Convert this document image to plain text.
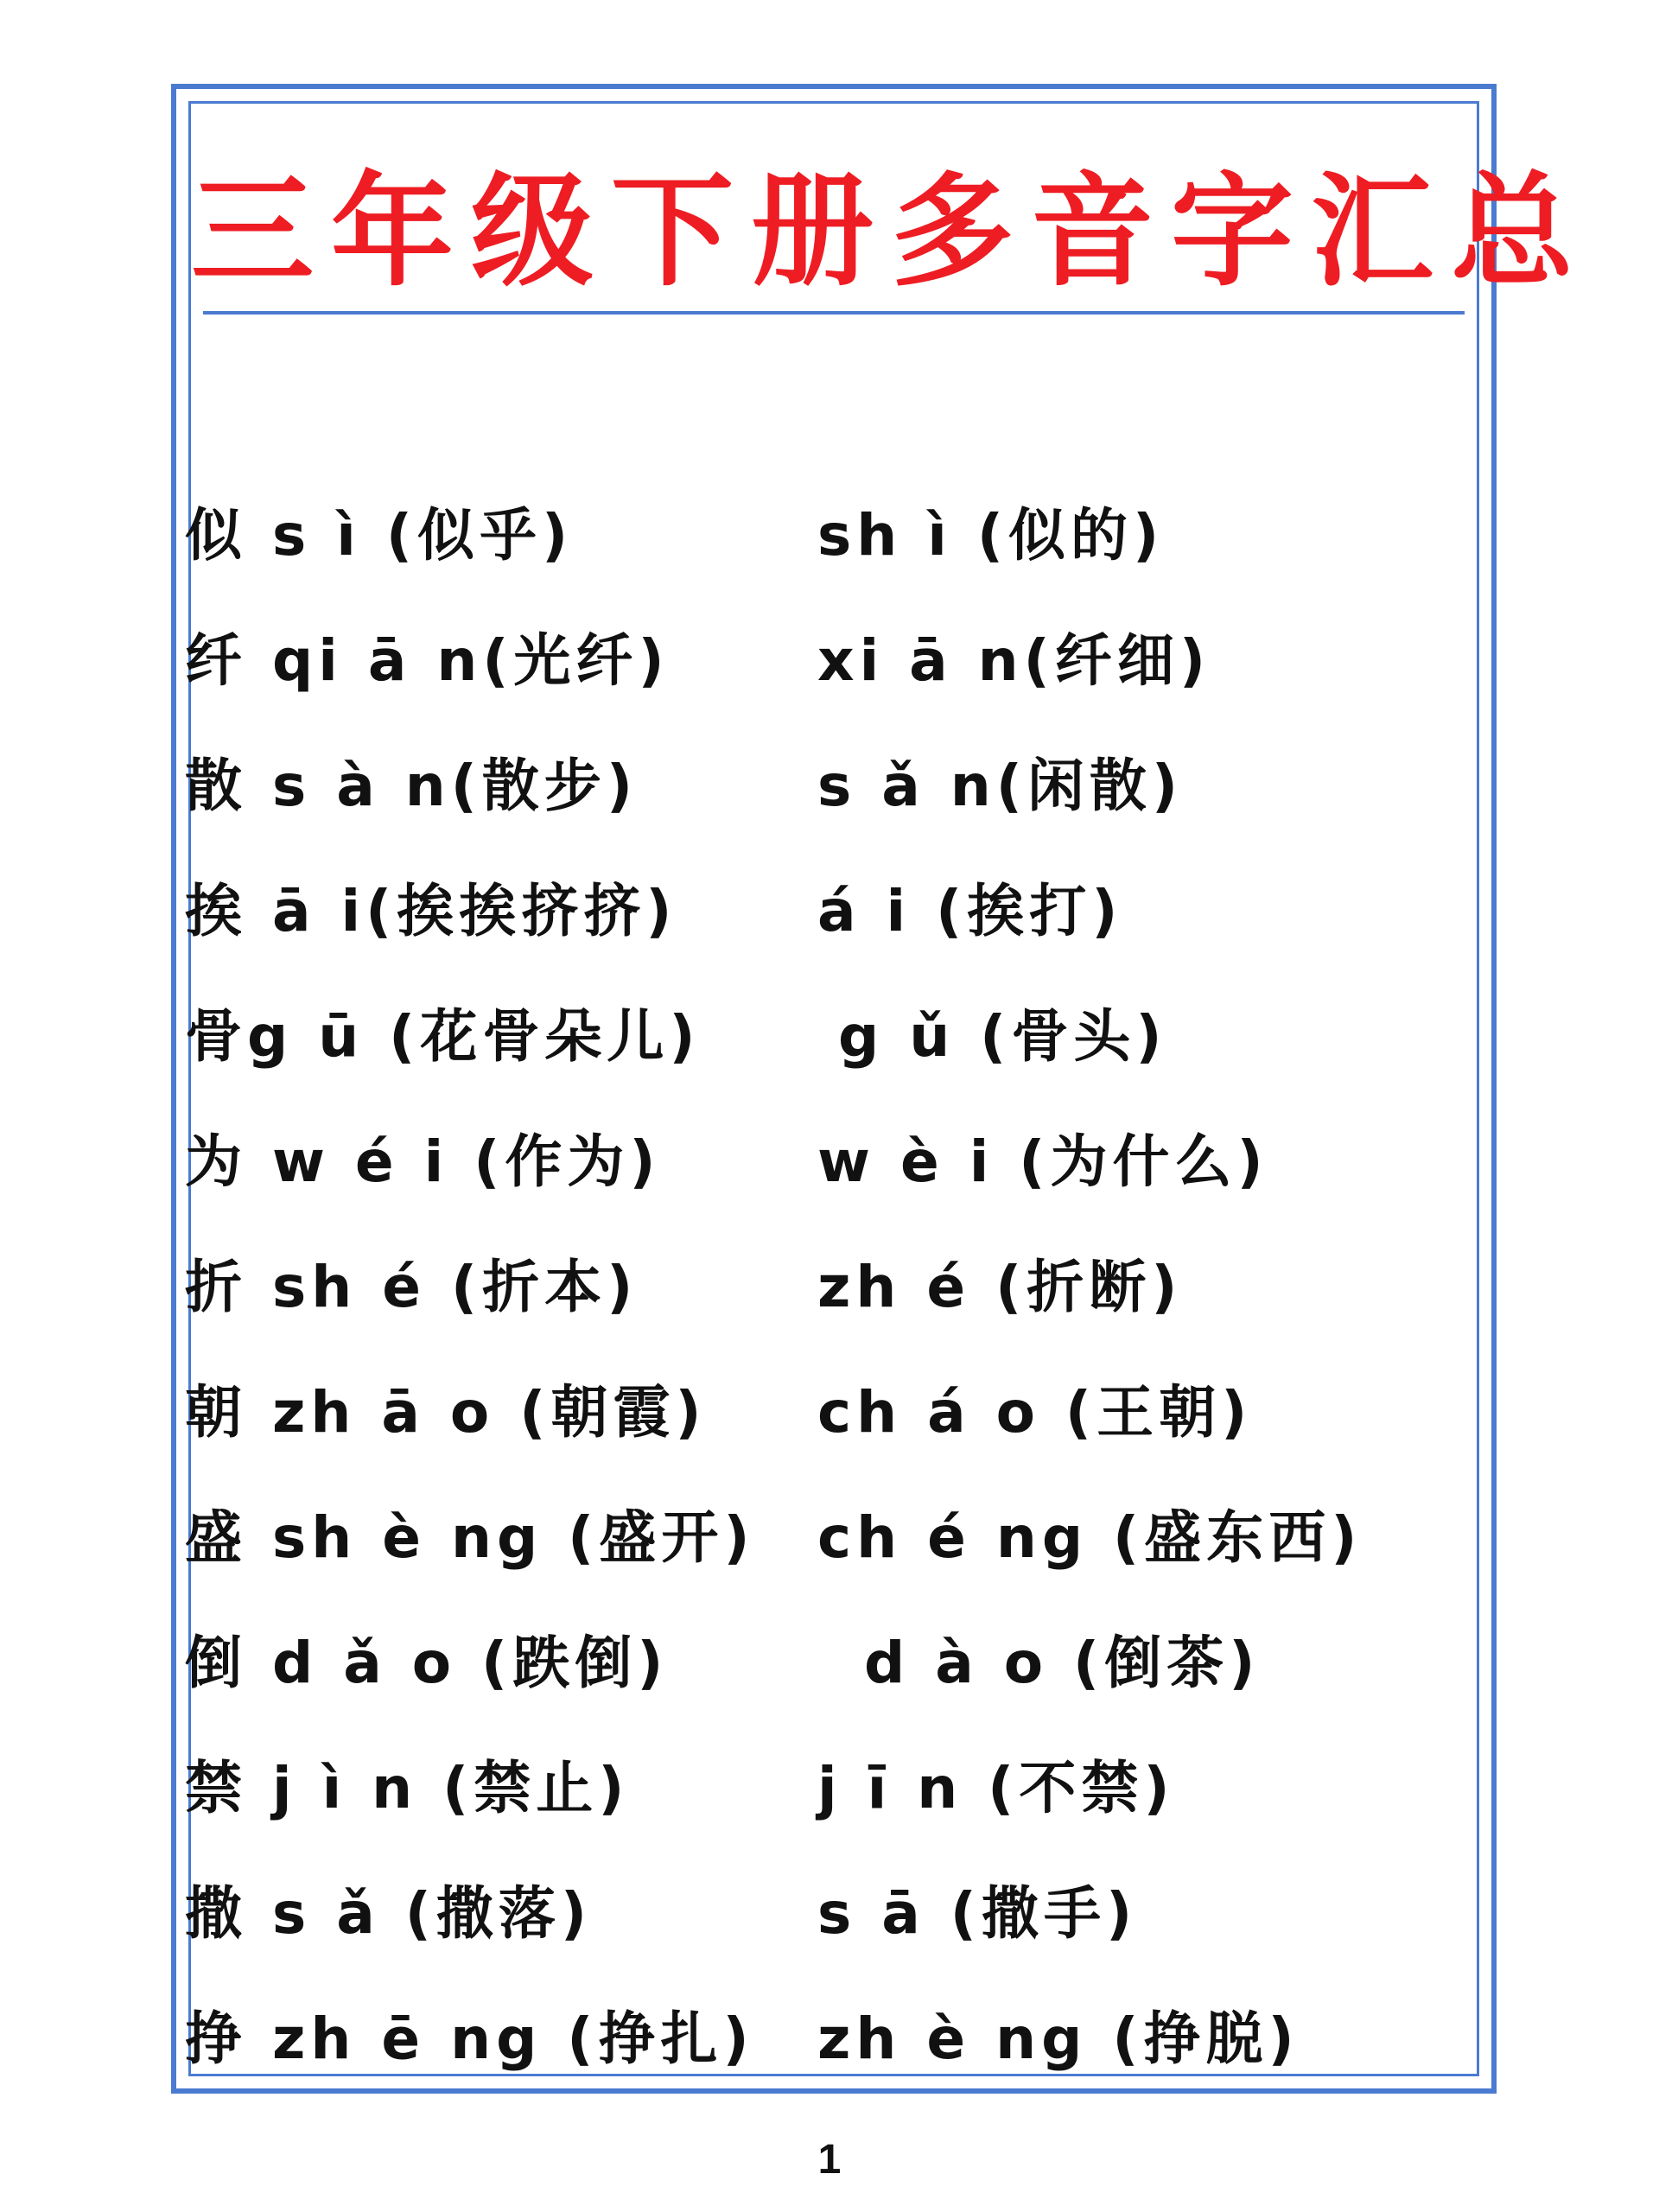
三年级下册多音字汇总
似 s ì (似乎)	sh ì (似的)
纤 qi ā n(光纤)	xi ā n(纤细)
散 s à n(散步)	s ǎ n(闲散)
挨 ā i(挨挨挤挤) á i (挨打)
骨g ū (花骨朵儿) g ǔ (骨头)
为 w é i (作为)	w è i (为什么)
折 sh é (折本)	zh é (折断)
朝 zh ā o (朝霞) ch á o (王朝)
盛 sh è ng (盛开) ch é ng (盛东西)
倒 d ǎ o (跌倒)	d à o (倒茶)
禁 j ì n (禁止)	j ī n (不禁)
撒 s ǎ (撒落)	s ā (撒手)
挣 zh ē ng (挣扎) zh è ng (挣脱)
1
